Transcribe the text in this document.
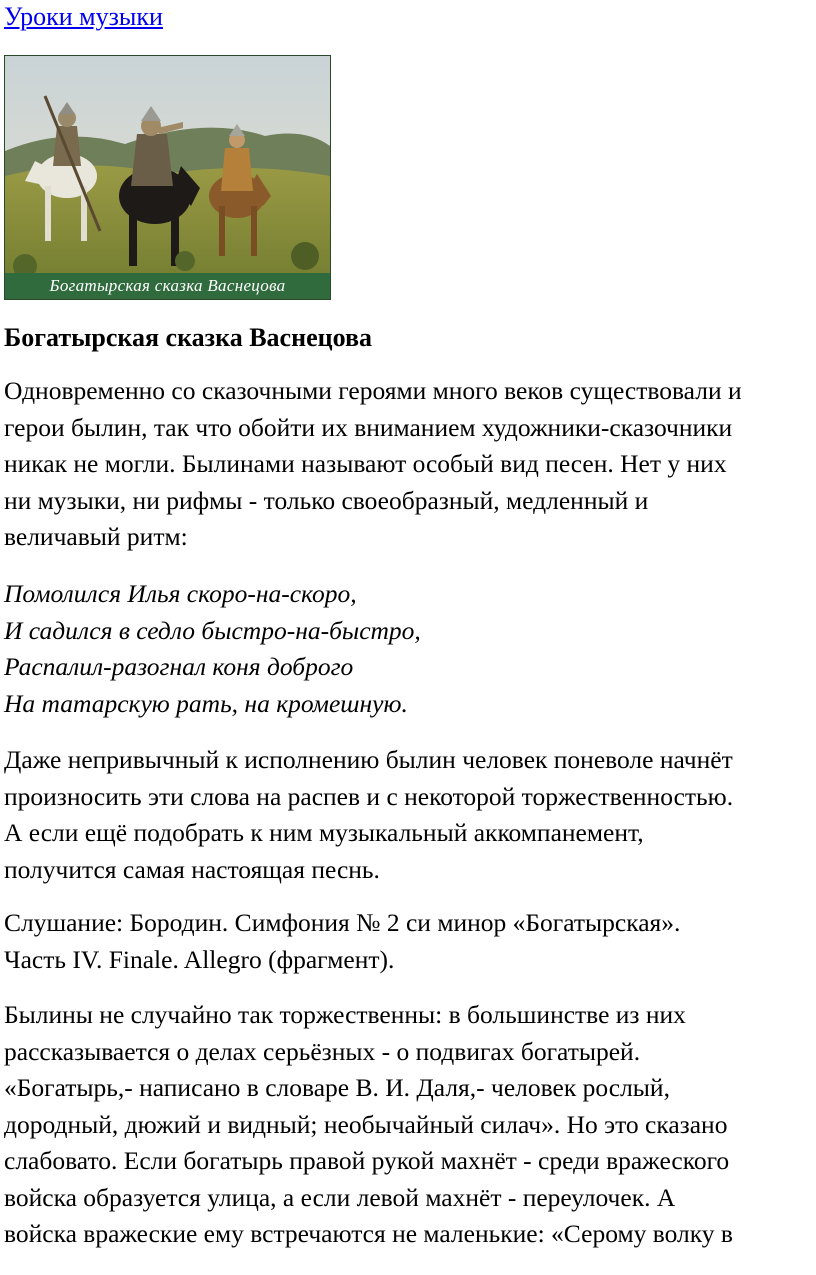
Уроки музыки
Богатырская сказка Васнецова
Богатырская сказка Васнецова

Одновременно со сказочными героями много веков существовали и
герои былин, так что обойти их вниманием художники-сказочники
никак не могли. Былинами называют особый вид песен. Нет у них
ни музыки, ни рифмы - только своеобразный, медленный и
величавый ритм:

Помолился Илья скоро-на-скоро,
И садился в седло быстро-на-быстро,
Распалил-разогнал коня доброго
На татарскую рать, на кромешную.

Даже непривычный к исполнению былин человек поневоле начнёт
произносить эти слова на распев и с некоторой торжественностью.
А если ещё подобрать к ним музыкальный аккомпанемент,
получится самая настоящая песнь.

Слушание: Бородин. Симфония № 2 си минор «Богатырская».
Часть IV. Finale. Allegro (фрагмент).

Былины не случайно так торжественны: в большинстве из них
рассказывается о делах серьёзных - о подвигах богатырей.
«Богатырь,- написано в словаре В. И. Даля,- человек рослый,
дородный, дюжий и видный; необычайный силач». Но это сказано
слабовато. Если богатырь правой рукой махнёт - среди вражеского
войска образуется улица, а если левой махнёт - переулочек. А
войска вражеские ему встречаются не маленькие: «Серому волку в
